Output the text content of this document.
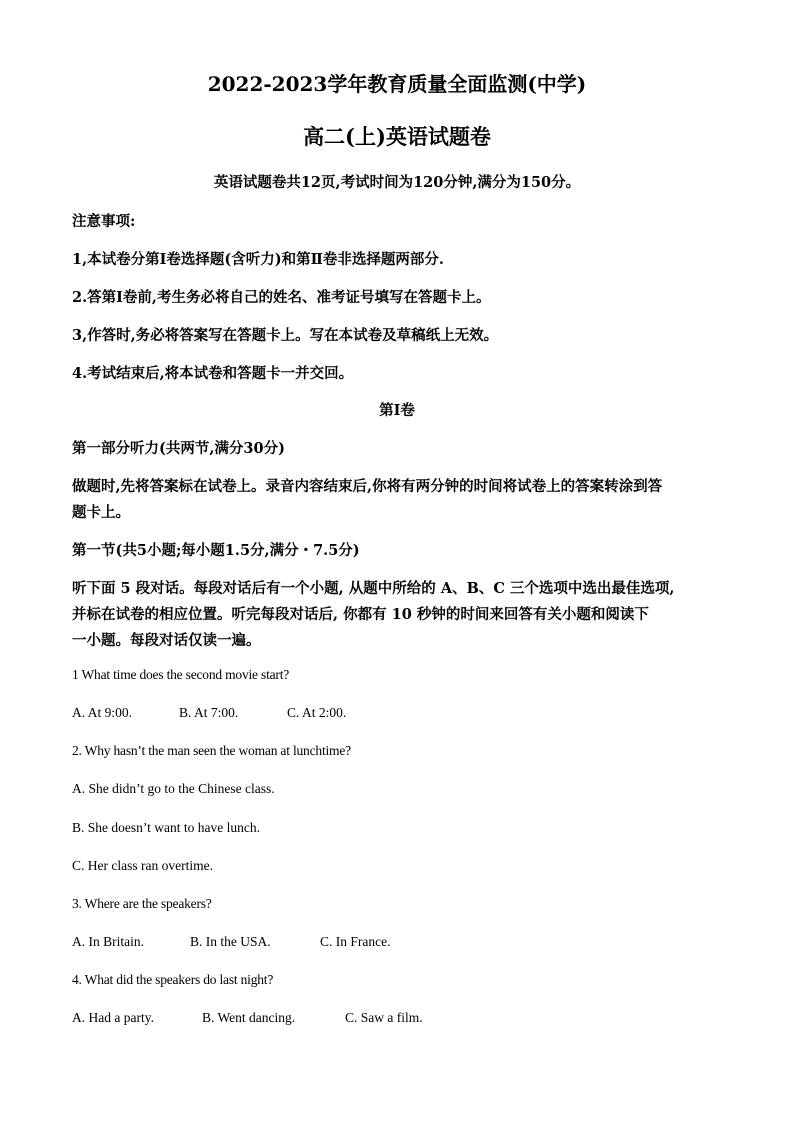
2022-2023学年教育质量全面监测(中学)
高二(上)英语试题卷
英语试题卷共12页,考试时间为120分钟,满分为150分。
注意事项:
1,本试卷分第Ⅰ卷选择题(含听力)和第Ⅱ卷非选择题两部分.
2.答第Ⅰ卷前,考生务必将自己的姓名、准考证号填写在答题卡上。
3,作答时,务必将答案写在答题卡上。写在本试卷及草稿纸上无效。
4.考试结束后,将本试卷和答题卡一并交回。
第Ⅰ卷
第一部分听力(共两节,满分30分)
做题时,先将答案标在试卷上。录音内容结束后,你将有两分钟的时间将试卷上的答案转涂到答
题卡上。
第一节(共5小题;每小题1.5分,满分・7.5分)
听下面 5 段对话。每段对话后有一个小题, 从题中所给的 A、B、C 三个选项中选出最佳选项,
并标在试卷的相应位置。听完每段对话后, 你都有 10 秒钟的时间来回答有关小题和阅读下
一小题。每段对话仅读一遍。
1 What time does the second movie start?
A. At 9:00.	B. At 7:00.	C. At 2:00.
2. Why hasn’t the man seen the woman at lunchtime?
A. She didn’t go to the Chinese class.
B. She doesn’t want to have lunch.
C. Her class ran overtime.
3. Where are the speakers?
A. In Britain.	B. In the USA.	C. In France.
4. What did the speakers do last night?
A. Had a party.	B. Went dancing.	C. Saw a film.
